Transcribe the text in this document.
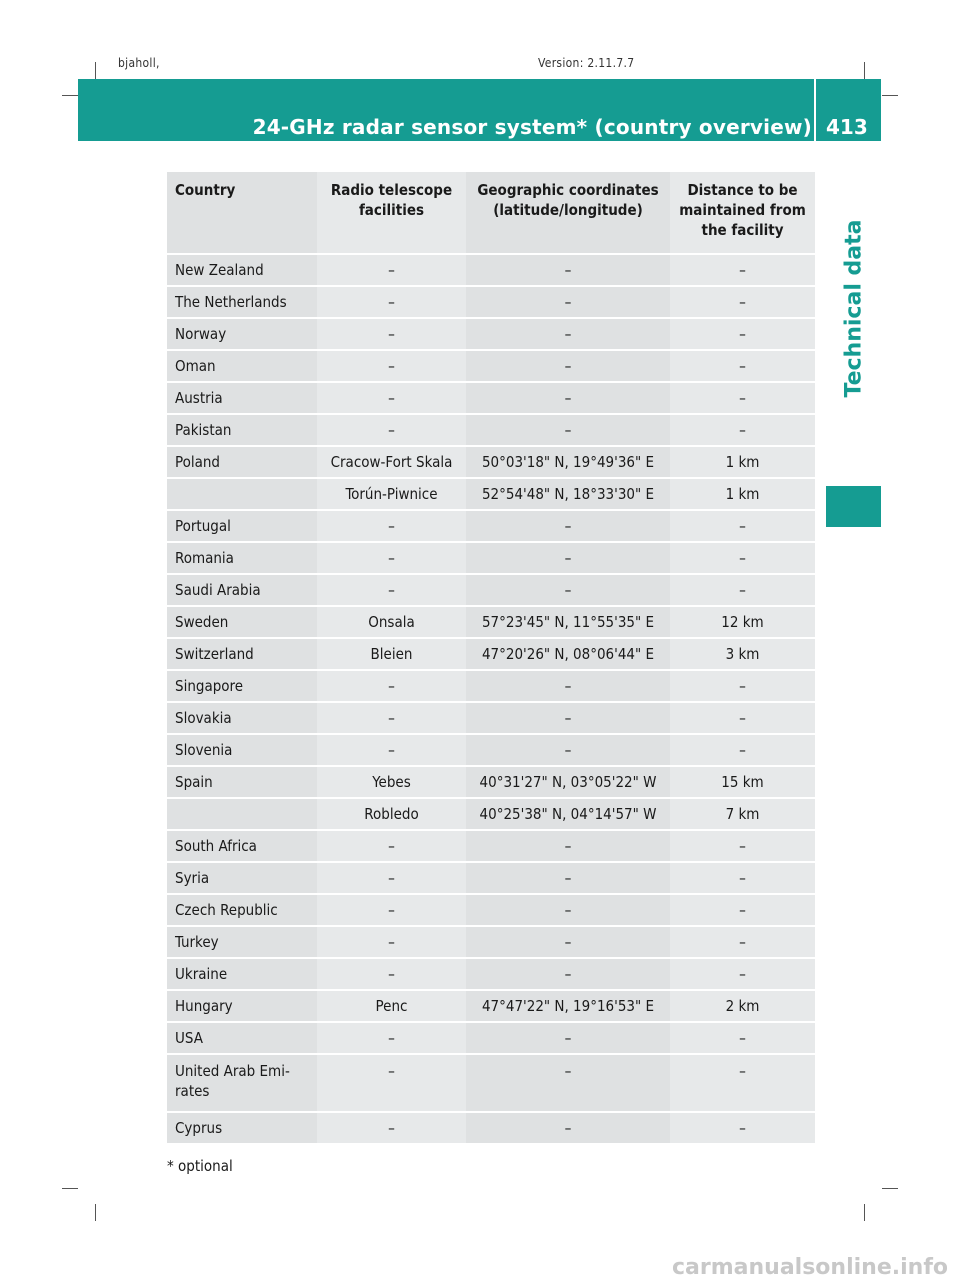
bjaholl,	Version: 2.11.7.7
24-GHz radar sensor system* (country overview) 413
Technical data
Country	Radio telescope facilities	Geographic coordinates (latitude/longitude)	Distance to be maintained from the facility
New Zealand	–	–	–
The Netherlands	–	–	–
Norway	–	–	–
Oman	–	–	–
Austria	–	–	–
Pakistan	–	–	–
Poland	Cracow-Fort Skala	50°03'18" N, 19°49'36" E	1 km
	Torún-Piwnice	52°54'48" N, 18°33'30" E	1 km
Portugal	–	–	–
Romania	–	–	–
Saudi Arabia	–	–	–
Sweden	Onsala	57°23'45" N, 11°55'35" E	12 km
Switzerland	Bleien	47°20'26" N, 08°06'44" E	3 km
Singapore	–	–	–
Slovakia	–	–	–
Slovenia	–	–	–
Spain	Yebes	40°31'27" N, 03°05'22" W	15 km
	Robledo	40°25'38" N, 04°14'57" W	7 km
South Africa	–	–	–
Syria	–	–	–
Czech Republic	–	–	–
Turkey	–	–	–
Ukraine	–	–	–
Hungary	Penc	47°47'22" N, 19°16'53" E	2 km
USA	–	–	–
United Arab Emi-rates	–	–	–
Cyprus	–	–	–
* optional
carmanualsonline.info
